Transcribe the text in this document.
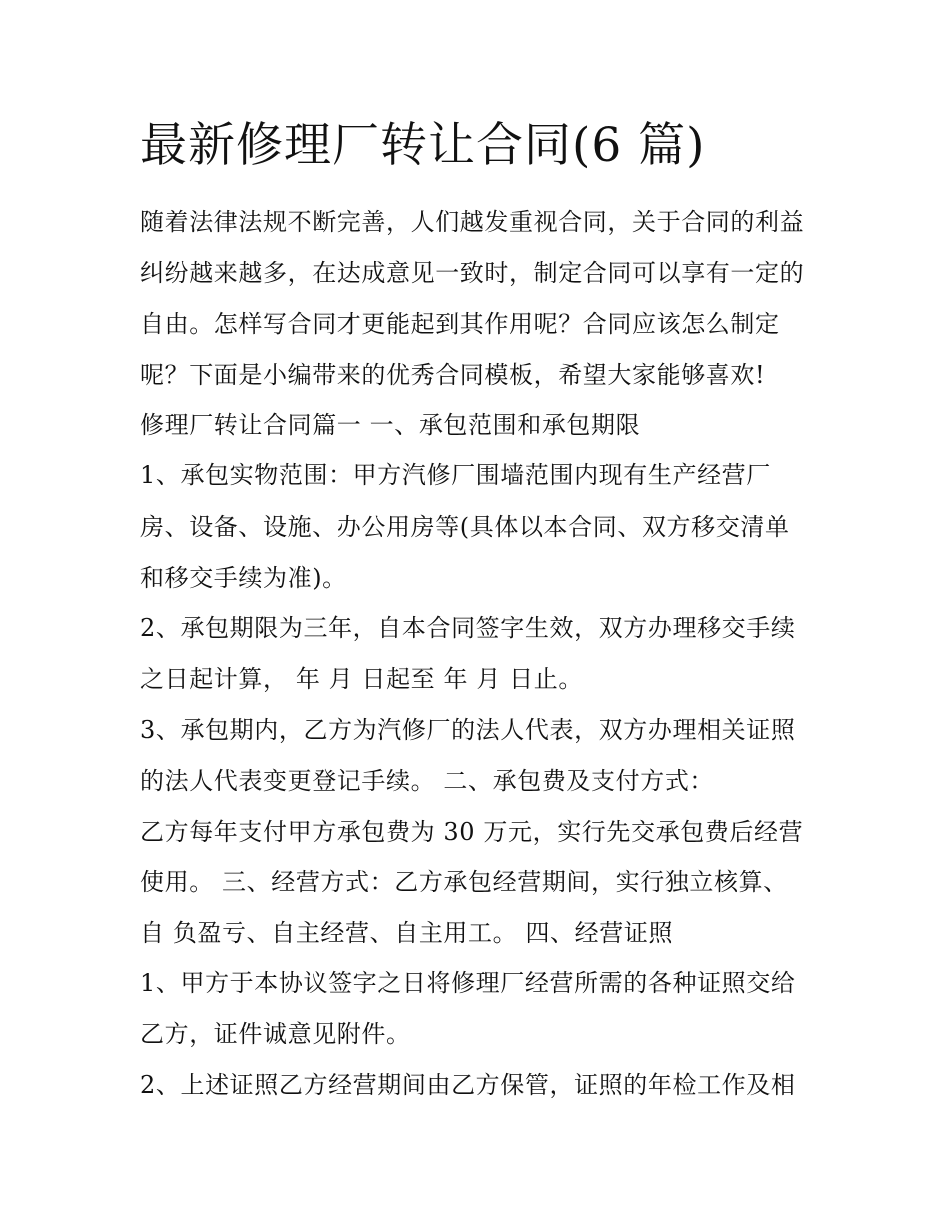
最新修理厂转让合同(6 篇)

随着法律法规不断完善，人们越发重视合同，关于合同的利益

纠纷越来越多，在达成意见一致时，制定合同可以享有一定的

自由。怎样写合同才更能起到其作用呢？合同应该怎么制定

呢？下面是小编带来的优秀合同模板，希望大家能够喜欢!

修理厂转让合同篇一 一、承包范围和承包期限

1、承包实物范围：甲方汽修厂围墙范围内现有生产经营厂

房、设备、设施、办公用房等(具体以本合同、双方移交清单

和移交手续为准)。

2、承包期限为三年，自本合同签字生效，双方办理移交手续

之日起计算， 年 月 日起至 年 月 日止。

3、承包期内，乙方为汽修厂的法人代表，双方办理相关证照

的法人代表变更登记手续。 二、承包费及支付方式：

乙方每年支付甲方承包费为 30 万元，实行先交承包费后经营

使用。 三、经营方式：乙方承包经营期间，实行独立核算、

自 负盈亏、自主经营、自主用工。 四、经营证照

1、甲方于本协议签字之日将修理厂经营所需的各种证照交给

乙方，证件诚意见附件。

2、上述证照乙方经营期间由乙方保管，证照的年检工作及相
